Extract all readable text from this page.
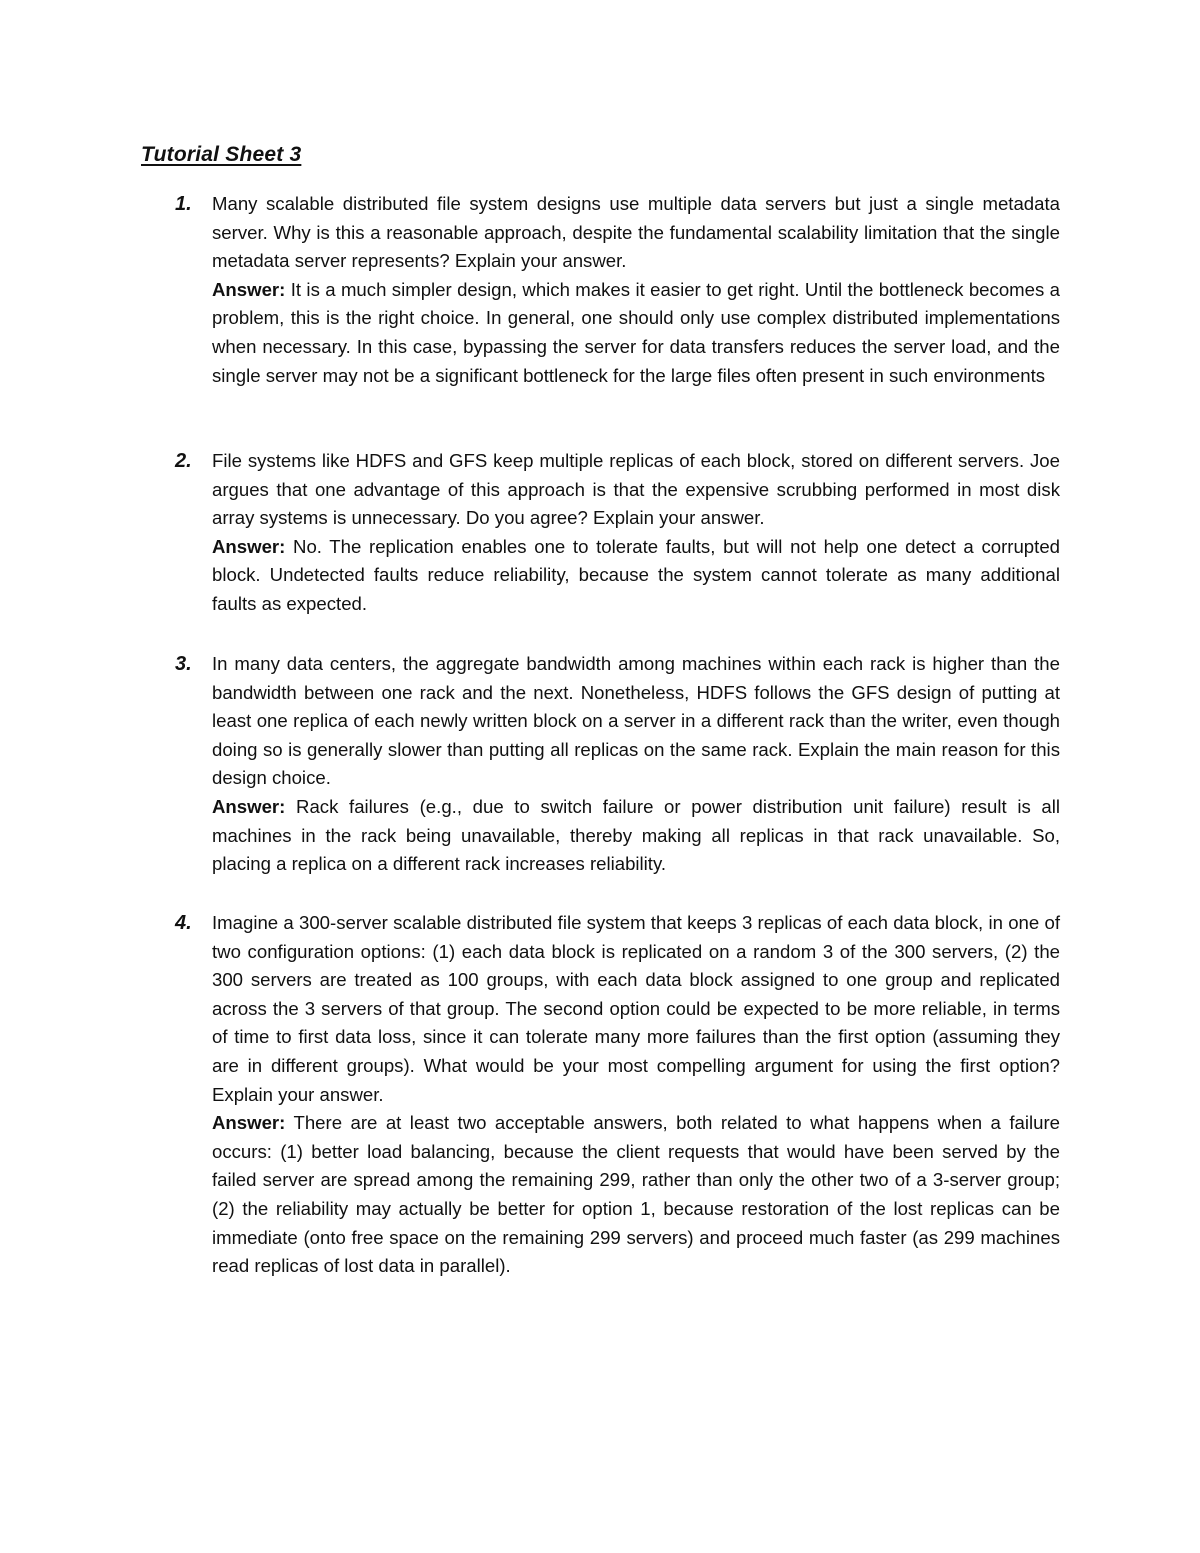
Tutorial Sheet 3
1. Many scalable distributed file system designs use multiple data servers but just a single metadata server. Why is this a reasonable approach, despite the fundamental scalability limitation that the single metadata server represents? Explain your answer.

Answer: It is a much simpler design, which makes it easier to get right. Until the bottleneck becomes a problem, this is the right choice. In general, one should only use complex distributed implementations when necessary. In this case, bypassing the server for data transfers reduces the server load, and the single server may not be a significant bottleneck for the large files often present in such environments

2. File systems like HDFS and GFS keep multiple replicas of each block, stored on different servers. Joe argues that one advantage of this approach is that the expensive scrubbing performed in most disk array systems is unnecessary. Do you agree? Explain your answer.

Answer: No. The replication enables one to tolerate faults, but will not help one detect a corrupted block. Undetected faults reduce reliability, because the system cannot tolerate as many additional faults as expected.

3. In many data centers, the aggregate bandwidth among machines within each rack is higher than the bandwidth between one rack and the next. Nonetheless, HDFS follows the GFS design of putting at least one replica of each newly written block on a server in a different rack than the writer, even though doing so is generally slower than putting all replicas on the same rack. Explain the main reason for this design choice.

Answer: Rack failures (e.g., due to switch failure or power distribution unit failure) result is all machines in the rack being unavailable, thereby making all replicas in that rack unavailable. So, placing a replica on a different rack increases reliability.

4. Imagine a 300-server scalable distributed file system that keeps 3 replicas of each data block, in one of two configuration options: (1) each data block is replicated on a random 3 of the 300 servers, (2) the 300 servers are treated as 100 groups, with each data block assigned to one group and replicated across the 3 servers of that group. The second option could be expected to be more reliable, in terms of time to first data loss, since it can tolerate many more failures than the first option (assuming they are in different groups). What would be your most compelling argument for using the first option? Explain your answer.

Answer: There are at least two acceptable answers, both related to what happens when a failure occurs: (1) better load balancing, because the client requests that would have been served by the failed server are spread among the remaining 299, rather than only the other two of a 3-server group; (2) the reliability may actually be better for option 1, because restoration of the lost replicas can be immediate (onto free space on the remaining 299 servers) and proceed much faster (as 299 machines read replicas of lost data in parallel).
